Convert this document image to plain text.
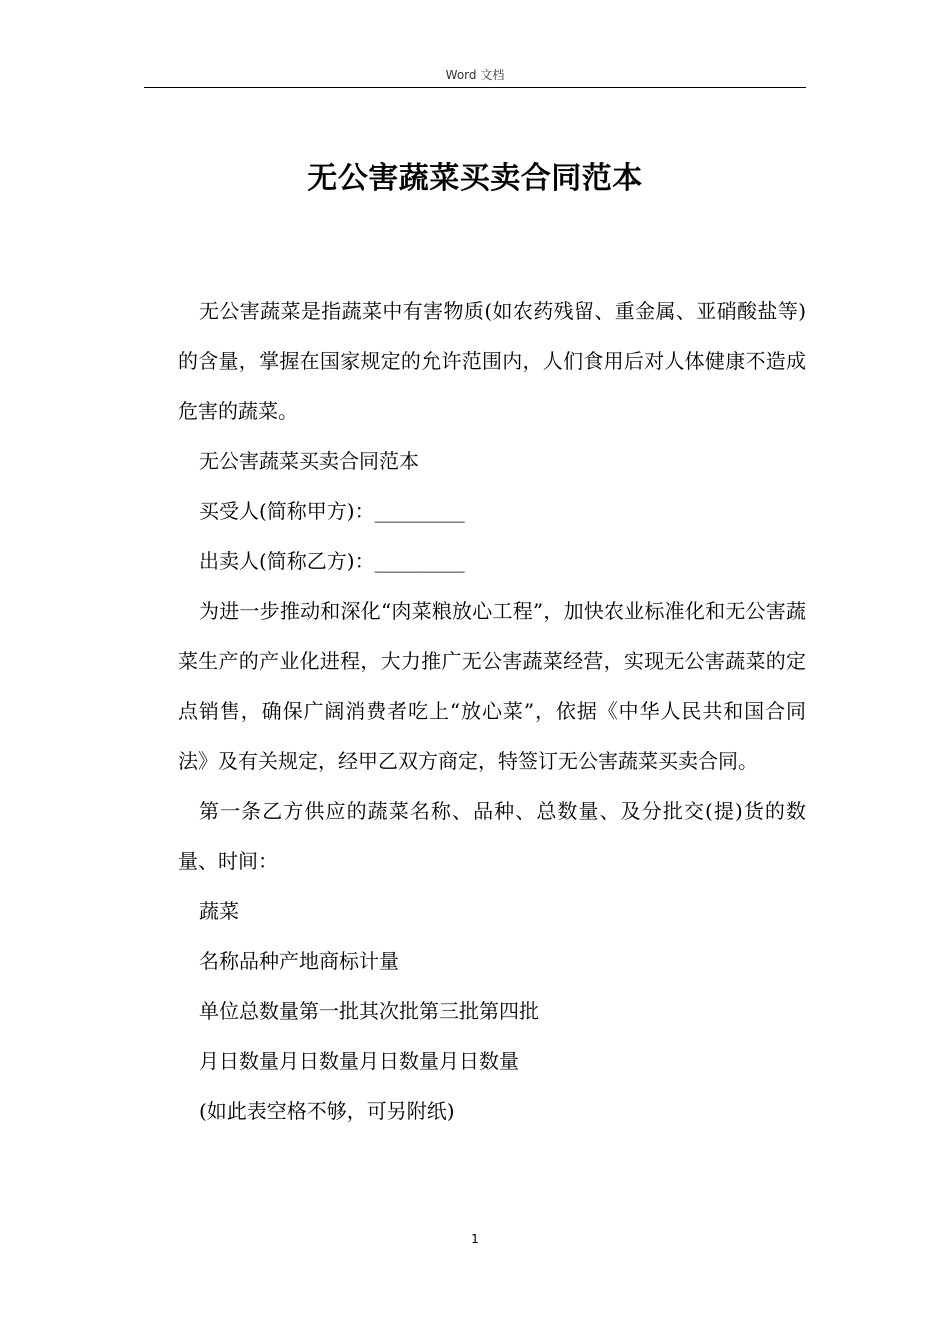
Word 文档
无公害蔬菜买卖合同范本

无公害蔬菜是指蔬菜中有害物质(如农药残留、重金属、亚硝酸盐等)的含量，掌握在国家规定的允许范围内，人们食用后对人体健康不造成危害的蔬菜。

无公害蔬菜买卖合同范本

买受人(简称甲方)：_________

出卖人(简称乙方)：_________

为进一步推动和深化“肉菜粮放心工程”，加快农业标准化和无公害蔬菜生产的产业化进程，大力推广无公害蔬菜经营，实现无公害蔬菜的定点销售，确保广阔消费者吃上“放心菜”，依据《中华人民共和国合同法》及有关规定，经甲乙双方商定，特签订无公害蔬菜买卖合同。

第一条乙方供应的蔬菜名称、品种、总数量、及分批交(提)货的数量、时间：

蔬菜

名称品种产地商标计量

单位总数量第一批其次批第三批第四批

月日数量月日数量月日数量月日数量

(如此表空格不够，可另附纸)

1
